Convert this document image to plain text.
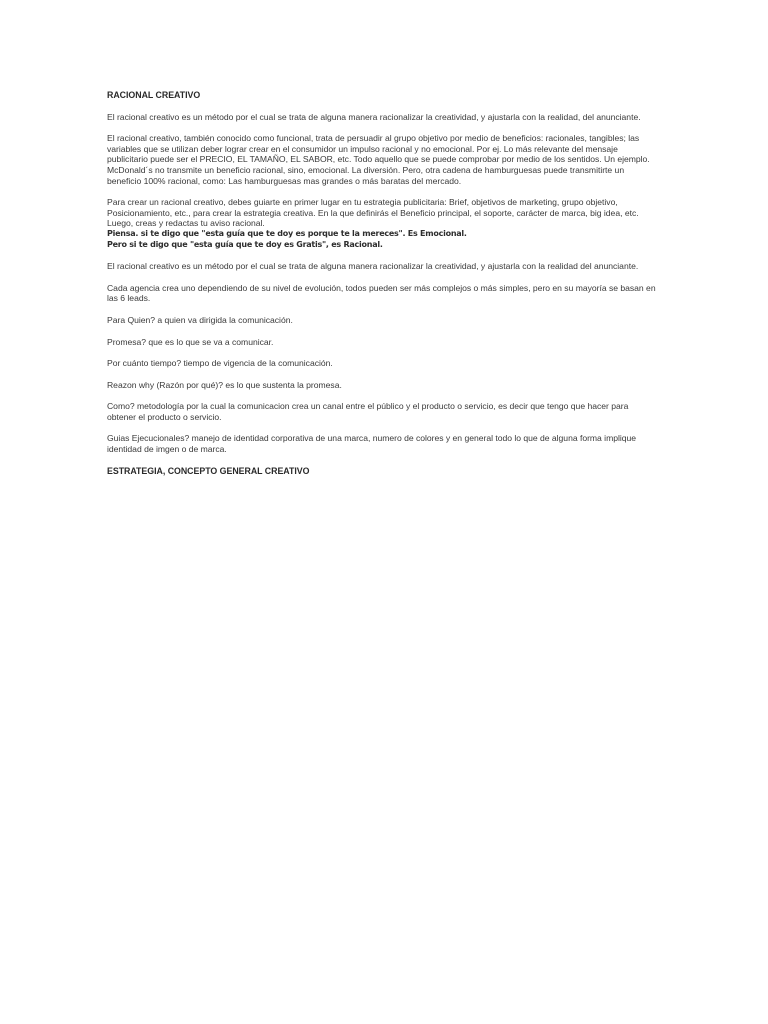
RACIONAL CREATIVO
El racional creativo es un método por el cual se trata de alguna manera racionalizar la creatividad, y ajustarla con la realidad, del anunciante.
El racional creativo, también conocido como funcional, trata de persuadir al grupo objetivo por medio de beneficios: racionales, tangibles; las variables que se utilizan deber lograr crear en el consumidor un impulso racional y no emocional. Por ej. Lo más relevante del mensaje publicitario puede ser el PRECIO, EL TAMAÑO, EL SABOR, etc. Todo aquello que se puede comprobar por medio de los sentidos. Un ejemplo. McDonald´s no transmite un beneficio racional, sino, emocional. La diversión. Pero, otra cadena de hamburguesas puede transmitirte un beneficio 100% racional, como: Las hamburguesas mas grandes o más baratas del mercado.
Para crear un racional creativo, debes guiarte en primer lugar en tu estrategia publicitaria: Brief, objetivos de marketing, grupo objetivo, Posicionamiento, etc., para crear la estrategia creativa. En la que definirás el Beneficio principal, el soporte, carácter de marca, big idea, etc.
Luego, creas y redactas tu aviso racional.
Piensa. si te digo que "esta guía que te doy es porque te la mereces". Es Emocional.
Pero si te digo que "esta guía que te doy es Gratis", es Racional.
El racional creativo es un método por el cual se trata de alguna manera racionalizar la creatividad, y ajustarla con la realidad del anunciante.
Cada agencia crea uno dependiendo de su nivel de evolución, todos pueden ser más complejos o más simples, pero en su mayoría se basan en las 6 leads.
Para Quien? a quien va dirigida la comunicación.
Promesa? que es lo que se va a comunicar.
Por cuánto tiempo? tiempo de vigencia de la comunicación.
Reazon why (Razón por qué)? es lo que sustenta la promesa.
Como? metodología por la cual la comunicacion crea un canal entre el público y el producto o servicio, es decir que tengo que hacer para obtener el producto o servicio.
Guias Ejecucionales? manejo de identidad corporativa de una marca, numero de colores y en general todo lo que de alguna forma implique identidad de imgen o de marca.
ESTRATEGIA, CONCEPTO GENERAL CREATIVO
